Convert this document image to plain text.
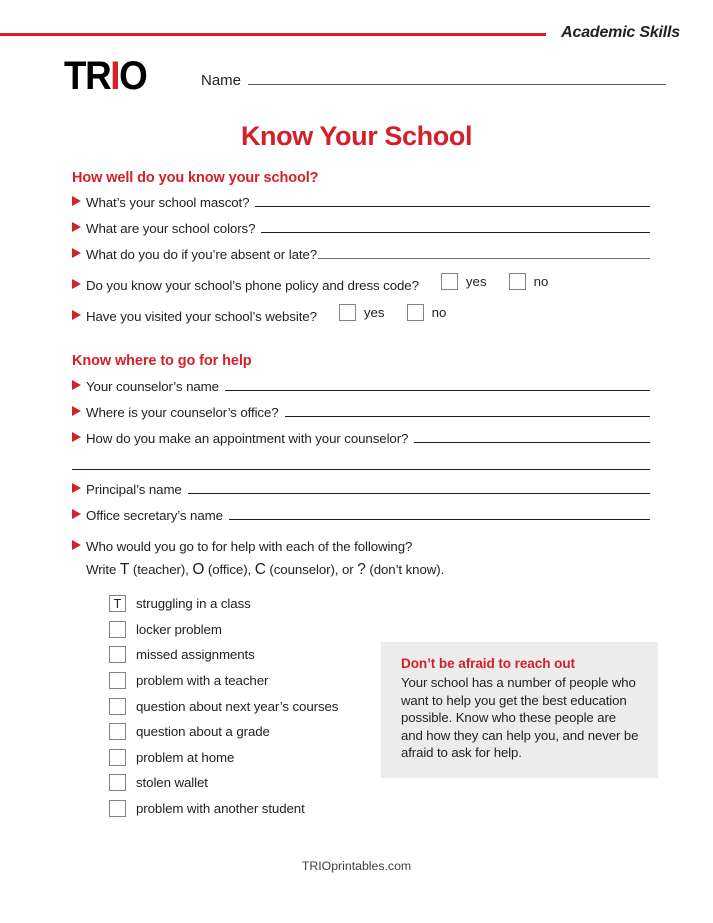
Academic Skills
TRIO	Name
Know Your School
How well do you know your school?
What’s your school mascot?
What are your school colors?
What do you do if you’re absent or late?
Do you know your school’s phone policy and dress code?	yes	no
Have you visited your school’s website?	yes	no
Know where to go for help
Your counselor’s name
Where is your counselor’s office?
How do you make an appointment with your counselor?
Principal’s name
Office secretary’s name
Who would you go to for help with each of the following?
Write T (teacher), O (office), C (counselor), or ? (don’t know).
T	struggling in a class
locker problem
missed assignments
problem with a teacher
question about next year’s courses
question about a grade
problem at home
stolen wallet
problem with another student
Don’t be afraid to reach out
Your school has a number of people who want to help you get the best education possible. Know who these people are and how they can help you, and never be afraid to ask for help.
TRIOprintables.com
